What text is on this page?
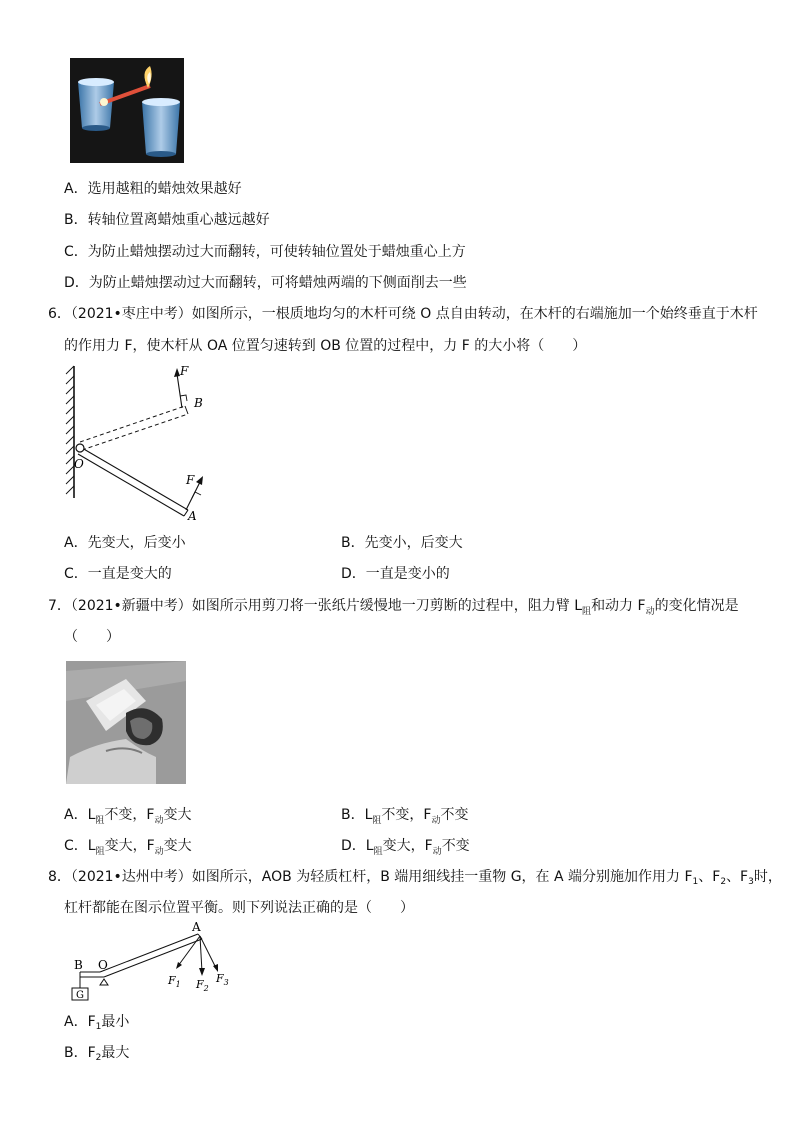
A．选用越粗的蜡烛效果越好
B．转轴位置离蜡烛重心越远越好
C．为防止蜡烛摆动过大而翻转，可使转轴位置处于蜡烛重心上方
D．为防止蜡烛摆动过大而翻转，可将蜡烛两端的下侧面削去一些
6．（2021•枣庄中考）如图所示，一根质地均匀的木杆可绕 O 点自由转动，在木杆的右端施加一个始终垂直于木杆
的作用力 F，使木杆从 OA 位置匀速转到 OB 位置的过程中，力 F 的大小将（　　）
F
B
O
F
A
A．先变大，后变小	B．先变小，后变大
C．一直是变大的	D．一直是变小的
7．（2021•新疆中考）如图所示用剪刀将一张纸片缓慢地一刀剪断的过程中，阻力臂 $L_阻$和动力 $F_动$的变化情况是
（　　）
A．$L_阻$不变，$F_动$变大	B．$L_阻$不变，$F_动$不变
C．$L_阻$变大，$F_动$变大	D．$L_阻$变大，$F_动$不变
8．（2021•达州中考）如图所示，AOB 为轻质杠杆，B 端用细线挂一重物 G，在 A 端分别施加作用力 $F_1$、$F_2$、$F_3$时，
杠杆都能在图示位置平衡。则下列说法正确的是（　　）
A
B O
G
$F_1$ $F_2$
$F_3$
A．$F_1$最小
B．$F_2$最大
